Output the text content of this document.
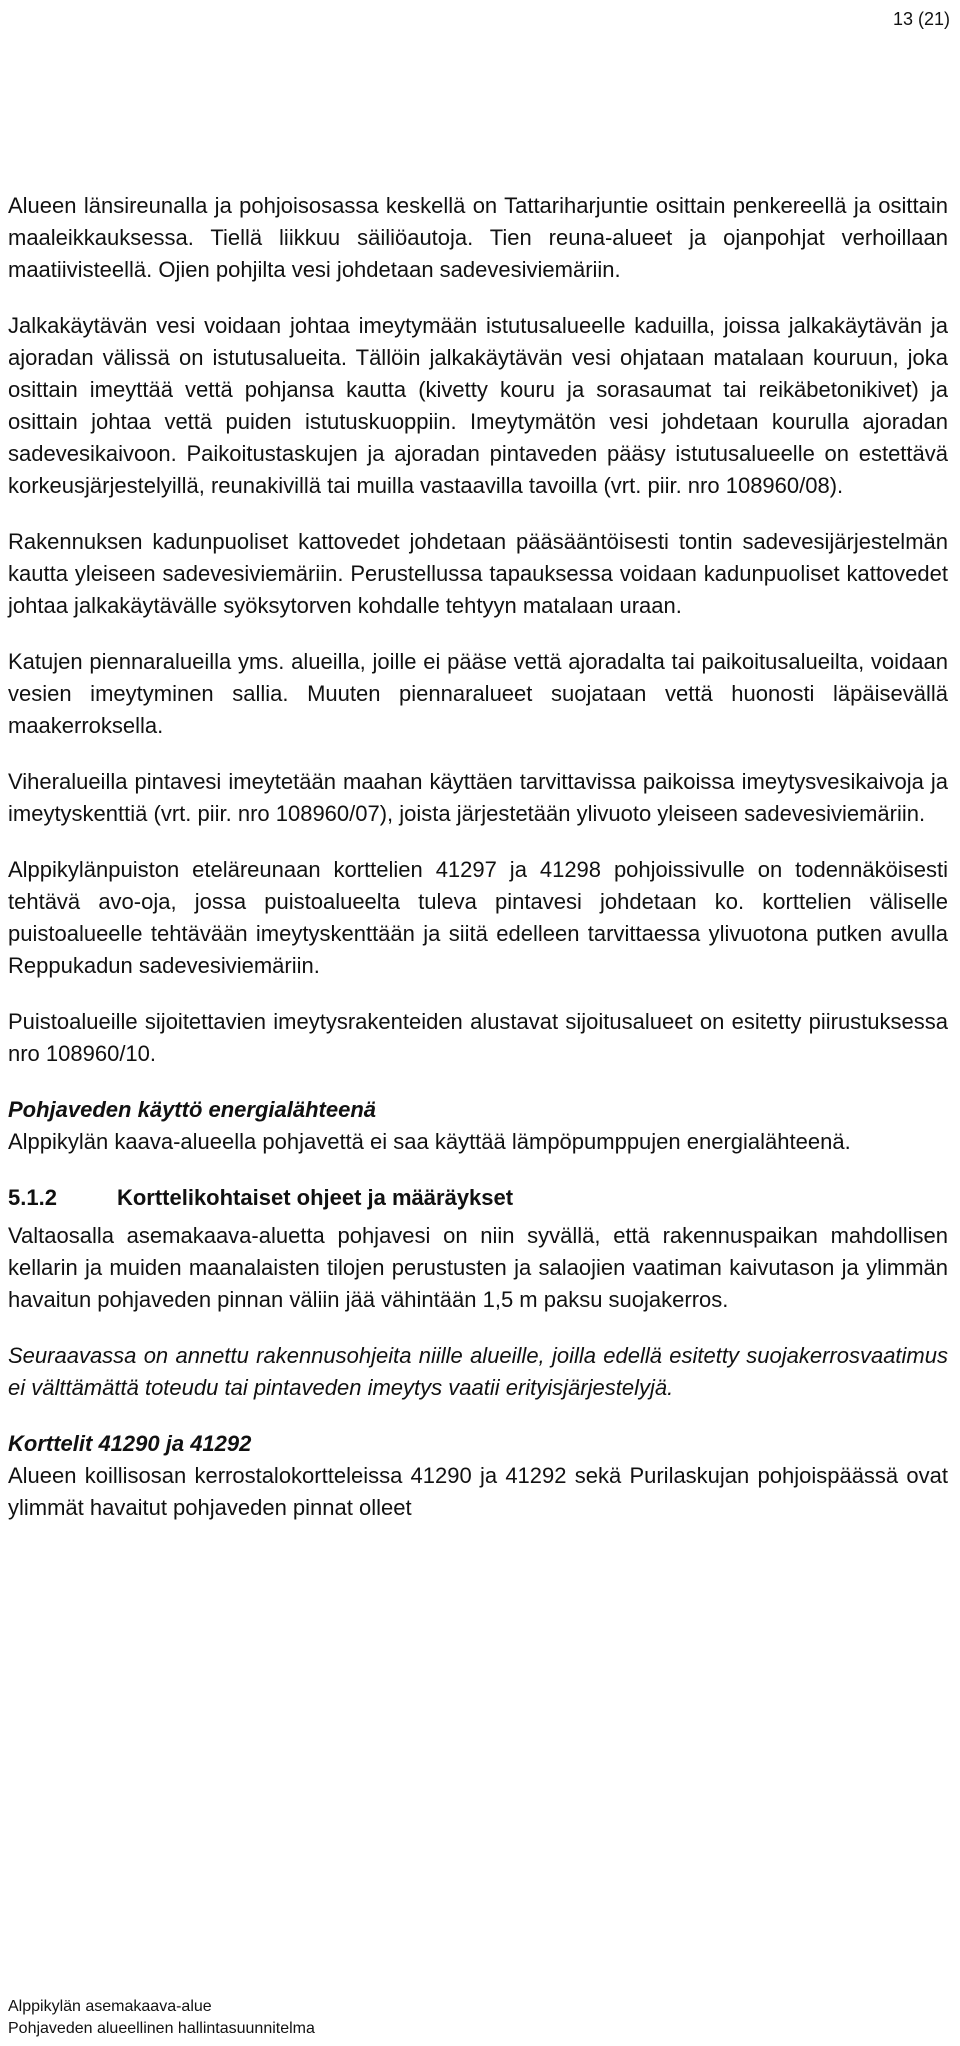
13 (21)

Alueen länsireunalla ja pohjoisosassa keskellä on Tattariharjuntie osittain penkereellä ja osittain maaleikkauksessa. Tiellä liikkuu säiliöautoja. Tien reuna-alueet ja ojanpohjat verhoillaan maatiivisteellä. Ojien pohjilta vesi johdetaan sadevesiviemäriin.

Jalkakäytävän vesi voidaan johtaa imeytymään istutusalueelle kaduilla, joissa jalkakäytävän ja ajoradan välissä on istutusalueita. Tällöin jalkakäytävän vesi ohjataan matalaan kouruun, joka osittain imeyttää vettä pohjansa kautta (kivetty kouru ja sorasaumat tai reikäbetonikivet) ja osittain johtaa vettä puiden istutuskuoppiin. Imeytymätön vesi johdetaan kourulla ajoradan sadevesikaivoon. Paikoitustaskujen ja ajoradan pintaveden pääsy istutusalueelle on estettävä korkeusjärjestelyillä, reunakivillä tai muilla vastaavilla tavoilla (vrt. piir. nro 108960/08).

Rakennuksen kadunpuoliset kattovedet johdetaan pääsääntöisesti tontin sadevesijärjestelmän kautta yleiseen sadevesiviemäriin. Perustellussa tapauksessa voidaan kadunpuoliset kattovedet johtaa jalkakäytävälle syöksytorven kohdalle tehtyyn matalaan uraan.

Katujen piennaralueilla yms. alueilla, joille ei pääse vettä ajoradalta tai paikoitusalueilta, voidaan vesien imeytyminen sallia. Muuten piennaralueet suojataan vettä huonosti läpäisevällä maakerroksella.

Viheralueilla pintavesi imeytetään maahan käyttäen tarvittavissa paikoissa imeytysvesikaivoja ja imeytyskenttiä (vrt. piir. nro 108960/07), joista järjestetään ylivuoto yleiseen sadevesiviemäriin.

Alppikylänpuiston eteläreunaan korttelien 41297 ja 41298 pohjoissivulle on todennäköisesti tehtävä avo-oja, jossa puistoalueelta tuleva pintavesi johdetaan ko. korttelien väliselle puistoalueelle tehtävään imeytyskenttään ja siitä edelleen tarvittaessa ylivuotona putken avulla Reppukadun sadevesiviemäriin.

Puistoalueille sijoitettavien imeytysrakenteiden alustavat sijoitusalueet on esitetty piirustuksessa nro 108960/10.

Pohjaveden käyttö energialähteenä

Alppikylän kaava-alueella pohjavettä ei saa käyttää lämpöpumppujen energialähteenä.

5.1.2	Korttelikohtaiset ohjeet ja määräykset

Valtaosalla asemakaava-aluetta pohjavesi on niin syvällä, että rakennuspaikan mahdollisen kellarin ja muiden maanalaisten tilojen perustusten ja salaojien vaatiman kaivutason ja ylimmän havaitun pohjaveden pinnan väliin jää vähintään 1,5 m paksu suojakerros.

Seuraavassa on annettu rakennusohjeita niille alueille, joilla edellä esitetty suojakerrosvaatimus ei välttämättä toteudu tai pintaveden imeytys vaatii erityisjärjestelyjä.

Korttelit 41290 ja 41292

Alueen koillisosan kerrostalokortteleissa 41290 ja 41292 sekä Purilaskujan pohjoispäässä ovat ylimmät havaitut pohjaveden pinnat olleet

Alppikylän asemakaava-alue
Pohjaveden alueellinen hallintasuunnitelma
